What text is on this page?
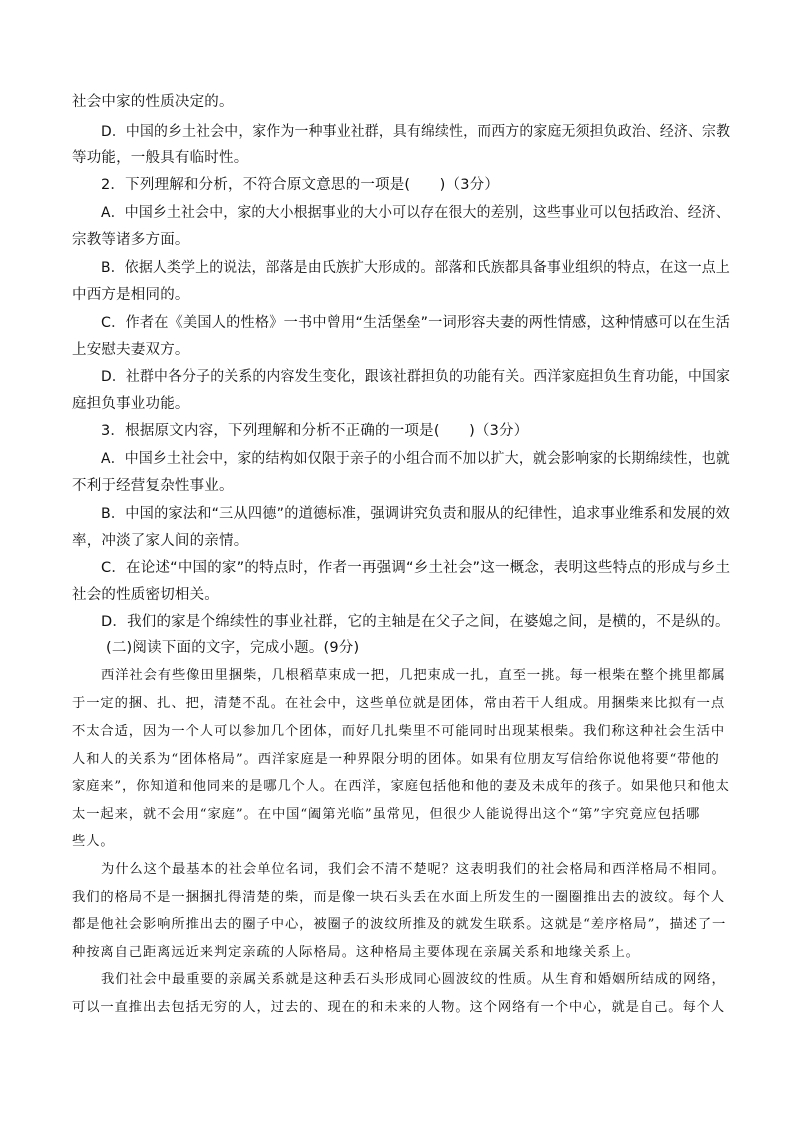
社会中家的性质决定的。
D．中国的乡土社会中，家作为一种事业社群，具有绵续性，而西方的家庭无须担负政治、经济、宗教
等功能，一般具有临时性。
2．下列理解和分析，不符合原文意思的一项是(　　)（3分）
A．中国乡土社会中，家的大小根据事业的大小可以存在很大的差别，这些事业可以包括政治、经济、
宗教等诸多方面。
B．依据人类学上的说法，部落是由氏族扩大形成的。部落和氏族都具备事业组织的特点，在这一点上
中西方是相同的。
C．作者在《美国人的性格》一书中曾用“生活堡垒”一词形容夫妻的两性情感，这种情感可以在生活
上安慰夫妻双方。
D．社群中各分子的关系的内容发生变化，跟该社群担负的功能有关。西洋家庭担负生育功能，中国家
庭担负事业功能。
3．根据原文内容，下列理解和分析不正确的一项是(　　)（3分）
A．中国乡土社会中，家的结构如仅限于亲子的小组合而不加以扩大，就会影响家的长期绵续性，也就
不利于经营复杂性事业。
B．中国的家法和“三从四德”的道德标准，强调讲究负责和服从的纪律性，追求事业维系和发展的效
率，冲淡了家人间的亲情。
C．在论述“中国的家”的特点时，作者一再强调“乡土社会”这一概念，表明这些特点的形成与乡土
社会的性质密切相关。
D．我们的家是个绵续性的事业社群，它的主轴是在父子之间，在婆媳之间，是横的，不是纵的。
(二)阅读下面的文字，完成小题。(9分)
西洋社会有些像田里捆柴，几根稻草束成一把，几把束成一扎，直至一挑。每一根柴在整个挑里都属
于一定的捆、扎、把，清楚不乱。在社会中，这些单位就是团体，常由若干人组成。用捆柴来比拟有一点
不太合适，因为一个人可以参加几个团体，而好几扎柴里不可能同时出现某根柴。我们称这种社会生活中
人和人的关系为“团体格局”。西洋家庭是一种界限分明的团体。如果有位朋友写信给你说他将要“带他的
家庭来”，你知道和他同来的是哪几个人。在西洋，家庭包括他和他的妻及未成年的孩子。如果他只和他太
太一起来，就不会用“家庭”。在中国“阖第光临”虽常见，但很少人能说得出这个“第”字究竟应包括哪
些人。
为什么这个最基本的社会单位名词，我们会不清不楚呢？这表明我们的社会格局和西洋格局不相同。
我们的格局不是一捆捆扎得清楚的柴，而是像一块石头丢在水面上所发生的一圈圈推出去的波纹。每个人
都是他社会影响所推出去的圈子中心，被圈子的波纹所推及的就发生联系。这就是“差序格局”，描述了一
种按离自己距离远近来判定亲疏的人际格局。这种格局主要体现在亲属关系和地缘关系上。
我们社会中最重要的亲属关系就是这种丢石头形成同心圆波纹的性质。从生育和婚姻所结成的网络，
可以一直推出去包括无穷的人，过去的、现在的和未来的人物。这个网络有一个中心，就是自己。每个人
